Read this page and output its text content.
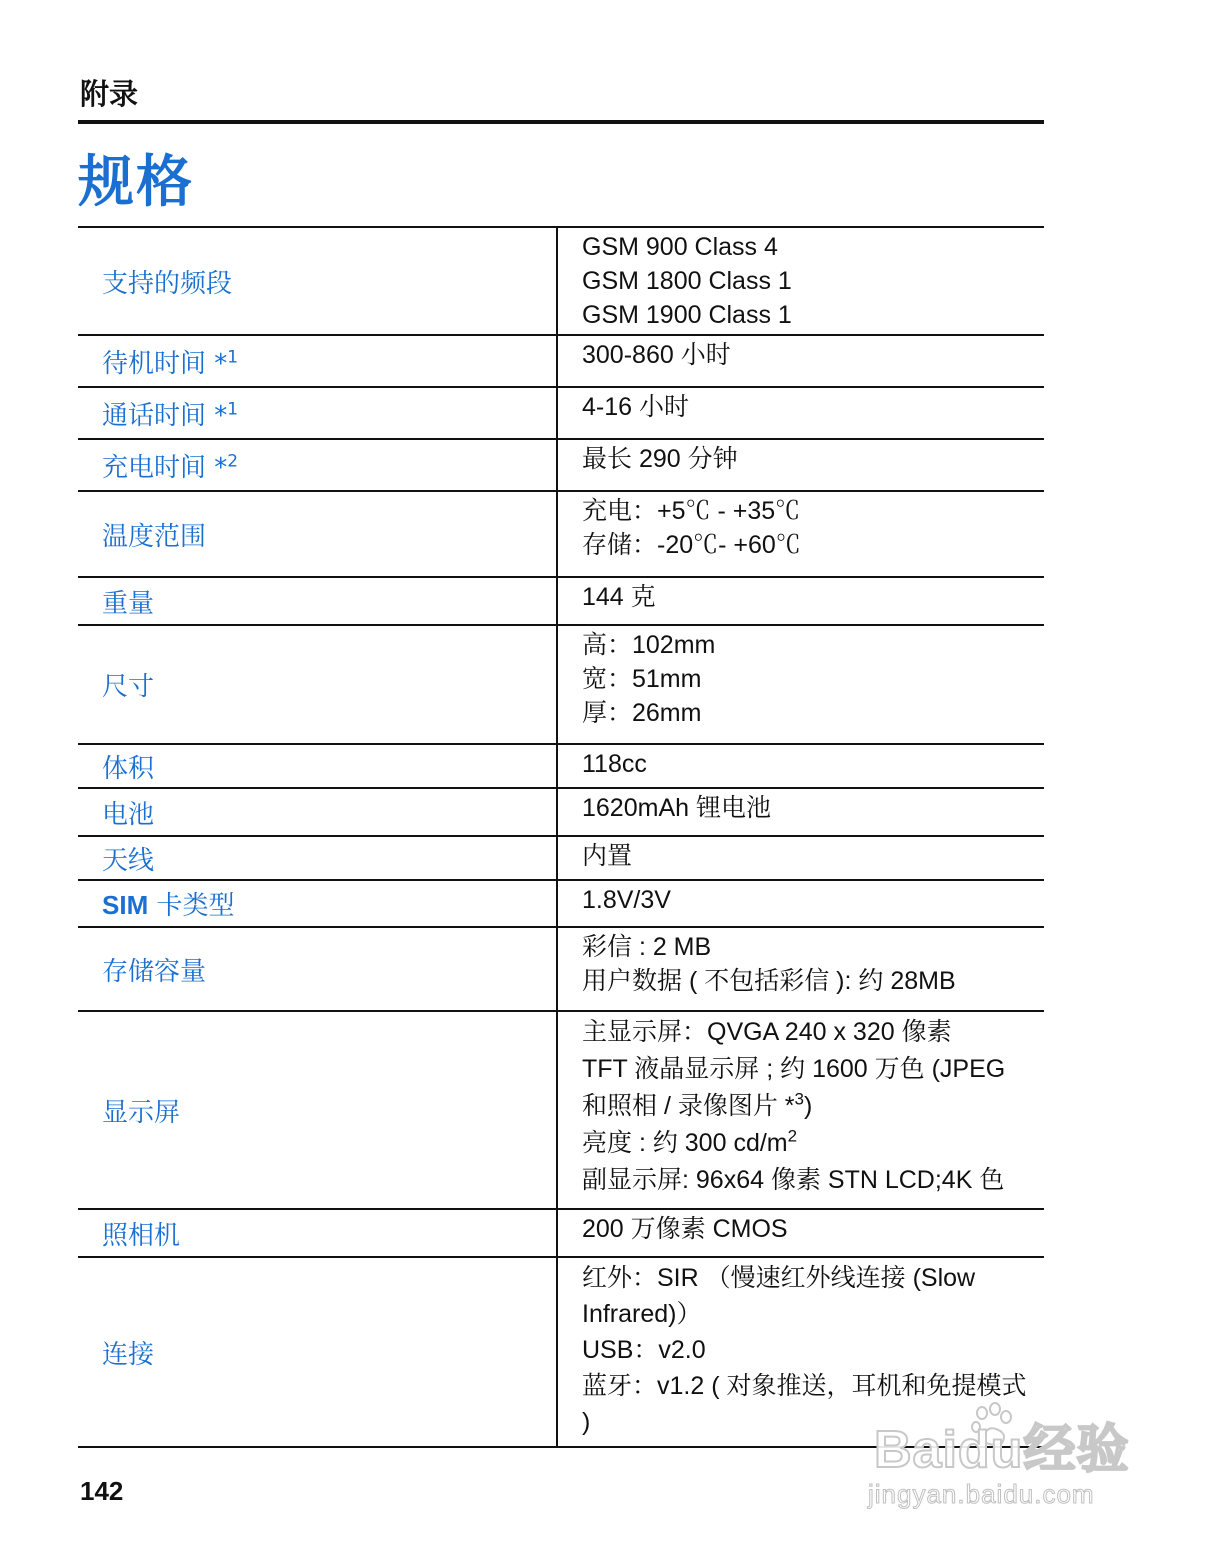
附录
规格
支持的频段	GSM 900 Class 4
GSM 1800 Class 1
GSM 1900 Class 1

待机时间 *$^1$	300-860 小时

通话时间 *$^1$	4-16 小时

充电时间 *$^2$	最长 290 分钟

温度范围	充电：+5℃ - +35℃
存储：-20℃- +60℃

重量	144 克

尺寸	高：102mm
宽：51mm
厚：26mm

体积	118cc

电池	1620mAh 锂电池

天线	内置

SIM 卡类型	1.8V/3V

存储容量	彩信 : 2 MB
用户数据 ( 不包括彩信 ): 约 28MB

显示屏	主显示屏：QVGA 240 x 320 像素
TFT 液晶显示屏 ; 约 1600 万色 (JPEG
和照相 / 录像图片 *$^3$)
亮度 : 约 300 $cd/m^2$
副显示屏: 96x64 像素 STN LCD;4K 色

照相机	200 万像素 CMOS

连接	红外：SIR （慢速红外线连接 (Slow Infrared)）
USB：v2.0
蓝牙：v1.2 ( 对象推送，耳机和免提模式 )
142
Baidu经验
jingyan.baidu.com
